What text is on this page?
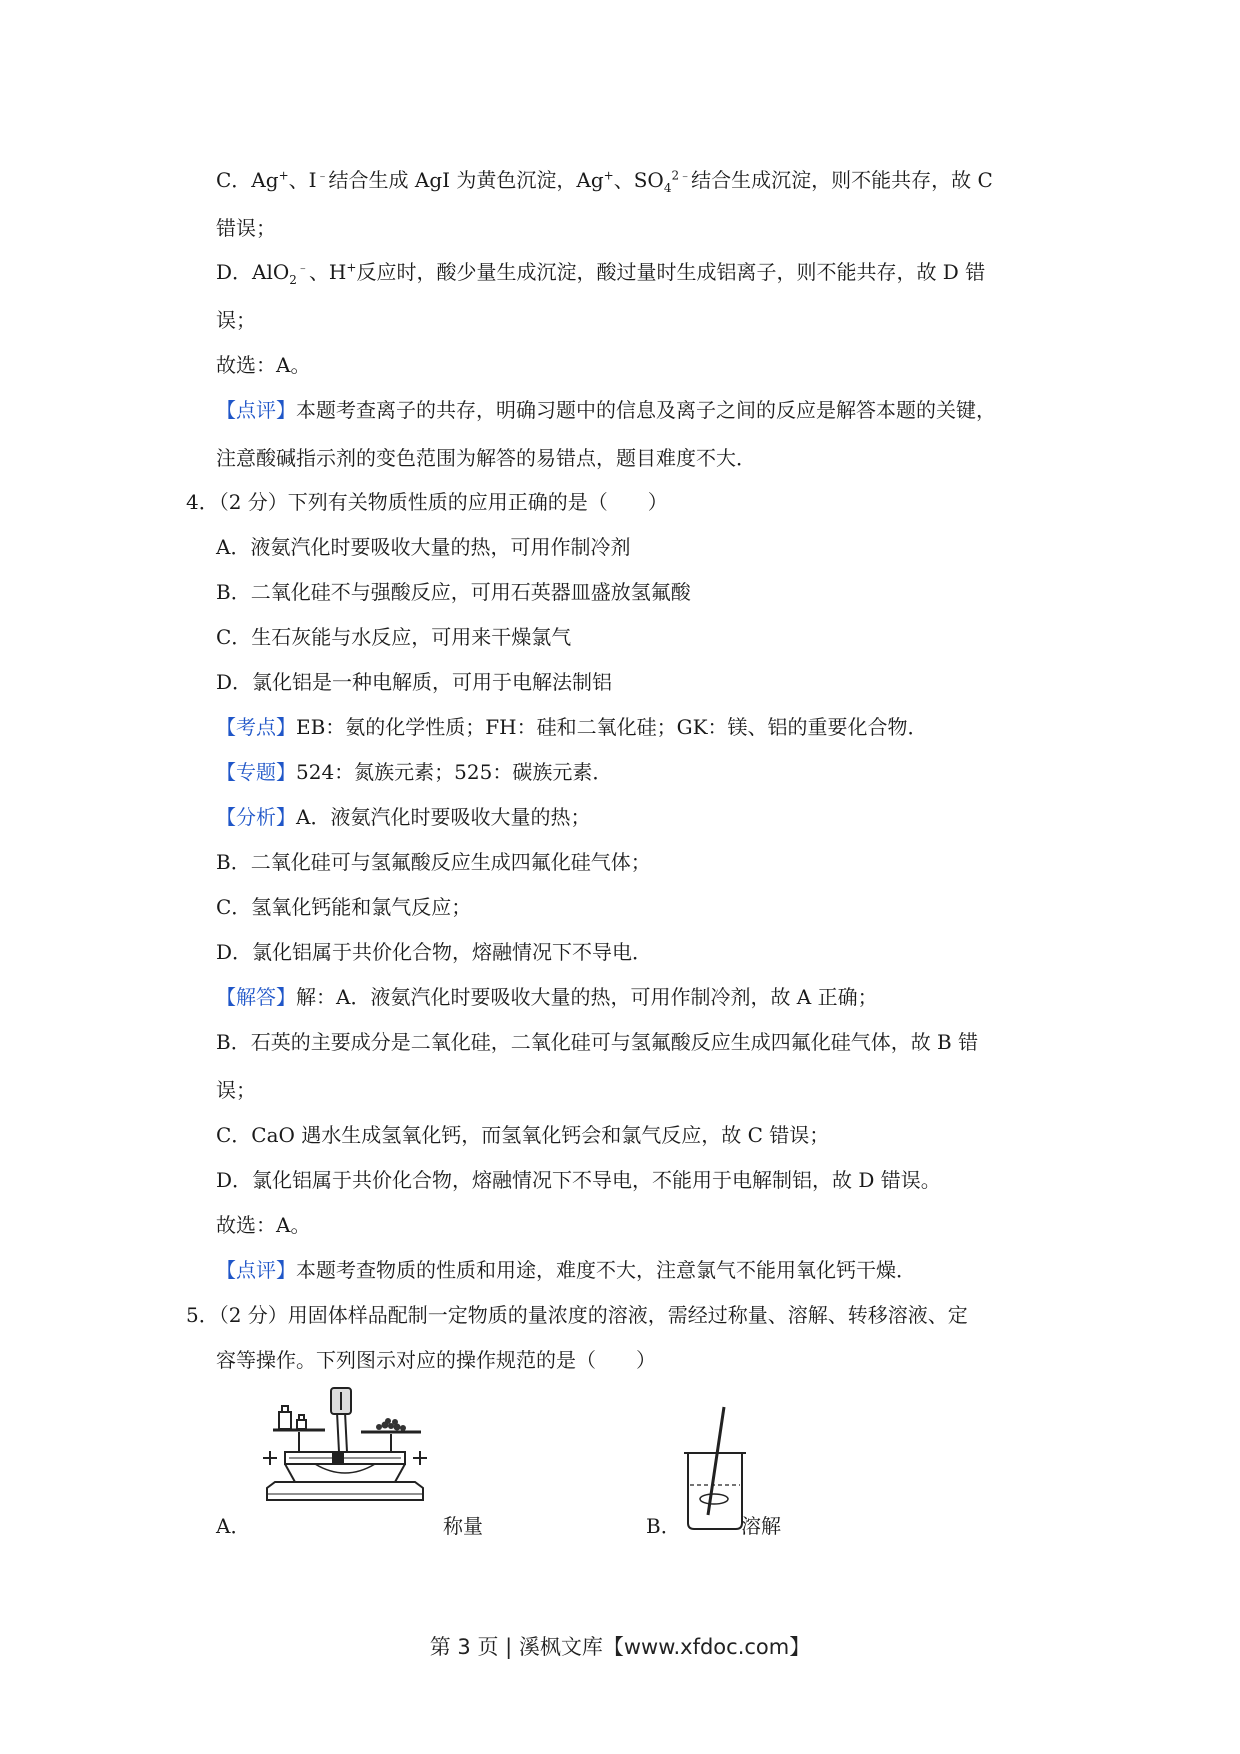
C．Ag+、I﹣结合生成 AgI 为黄色沉淀，Ag+、$SO_4^{2﹣}$结合生成沉淀，则不能共存，故 C
错误；
D．AlO$_2$﹣、H+反应时，酸少量生成沉淀，酸过量时生成铝离子，则不能共存，故 D 错
误；
故选：A。
【点评】本题考查离子的共存，明确习题中的信息及离子之间的反应是解答本题的关键，
注意酸碱指示剂的变色范围为解答的易错点，题目难度不大．
4．（2 分）下列有关物质性质的应用正确的是（　　）
A．液氨汽化时要吸收大量的热，可用作制冷剂
B．二氧化硅不与强酸反应，可用石英器皿盛放氢氟酸
C．生石灰能与水反应，可用来干燥氯气
D．氯化铝是一种电解质，可用于电解法制铝
【考点】EB：氨的化学性质；FH：硅和二氧化硅；GK：镁、铝的重要化合物．
【专题】524：氮族元素；525：碳族元素．
【分析】A．液氨汽化时要吸收大量的热；
B．二氧化硅可与氢氟酸反应生成四氟化硅气体；
C．氢氧化钙能和氯气反应；
D．氯化铝属于共价化合物，熔融情况下不导电．
【解答】解：A．液氨汽化时要吸收大量的热，可用作制冷剂，故 A 正确；
B．石英的主要成分是二氧化硅，二氧化硅可与氢氟酸反应生成四氟化硅气体，故 B 错
误；
C．CaO 遇水生成氢氧化钙，而氢氧化钙会和氯气反应，故 C 错误；
D．氯化铝属于共价化合物，熔融情况下不导电，不能用于电解制铝，故 D 错误。
故选：A。
【点评】本题考查物质的性质和用途，难度不大，注意氯气不能用氧化钙干燥．
5．（2 分）用固体样品配制一定物质的量浓度的溶液，需经过称量、溶解、转移溶液、定
容等操作。下列图示对应的操作规范的是（　　）
A．	称量	B．	溶解
第 3 页 | 溪枫文库【www.xfdoc.com】
